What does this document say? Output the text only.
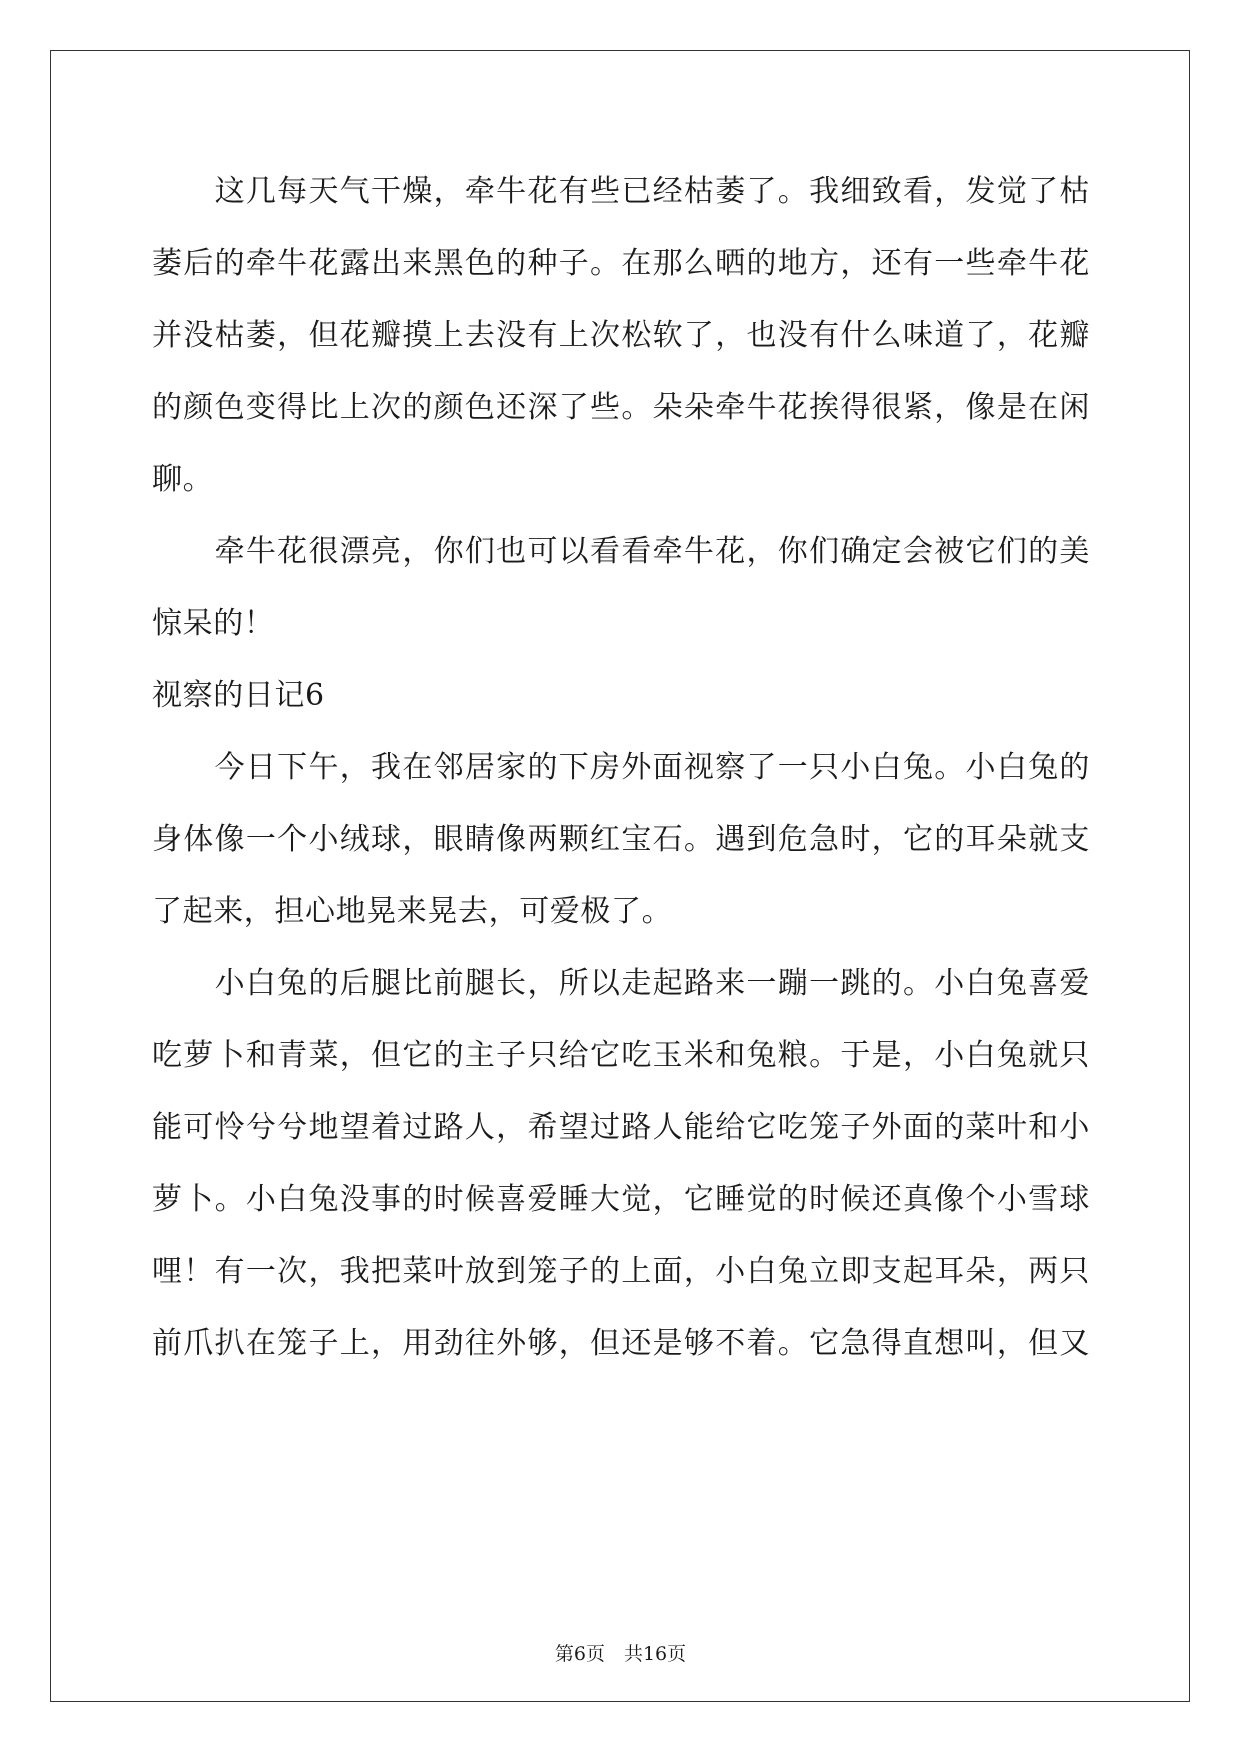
　　这几每天气干燥，牵牛花有些已经枯萎了。我细致看，发觉了枯
萎后的牵牛花露出来黑色的种子。在那么晒的地方，还有一些牵牛花
并没枯萎，但花瓣摸上去没有上次松软了，也没有什么味道了，花瓣
的颜色变得比上次的颜色还深了些。朵朵牵牛花挨得很紧，像是在闲
聊。
　　牵牛花很漂亮，你们也可以看看牵牛花，你们确定会被它们的美
惊呆的！
视察的日记6
　　今日下午，我在邻居家的下房外面视察了一只小白兔。小白兔的
身体像一个小绒球，眼睛像两颗红宝石。遇到危急时，它的耳朵就支
了起来，担心地晃来晃去，可爱极了。
　　小白兔的后腿比前腿长，所以走起路来一蹦一跳的。小白兔喜爱
吃萝卜和青菜，但它的主子只给它吃玉米和兔粮。于是，小白兔就只
能可怜兮兮地望着过路人，希望过路人能给它吃笼子外面的菜叶和小
萝卜。小白兔没事的时候喜爱睡大觉，它睡觉的时候还真像个小雪球
哩！有一次，我把菜叶放到笼子的上面，小白兔立即支起耳朵，两只
前爪扒在笼子上，用劲往外够，但还是够不着。它急得直想叫，但又
第6页　共16页
